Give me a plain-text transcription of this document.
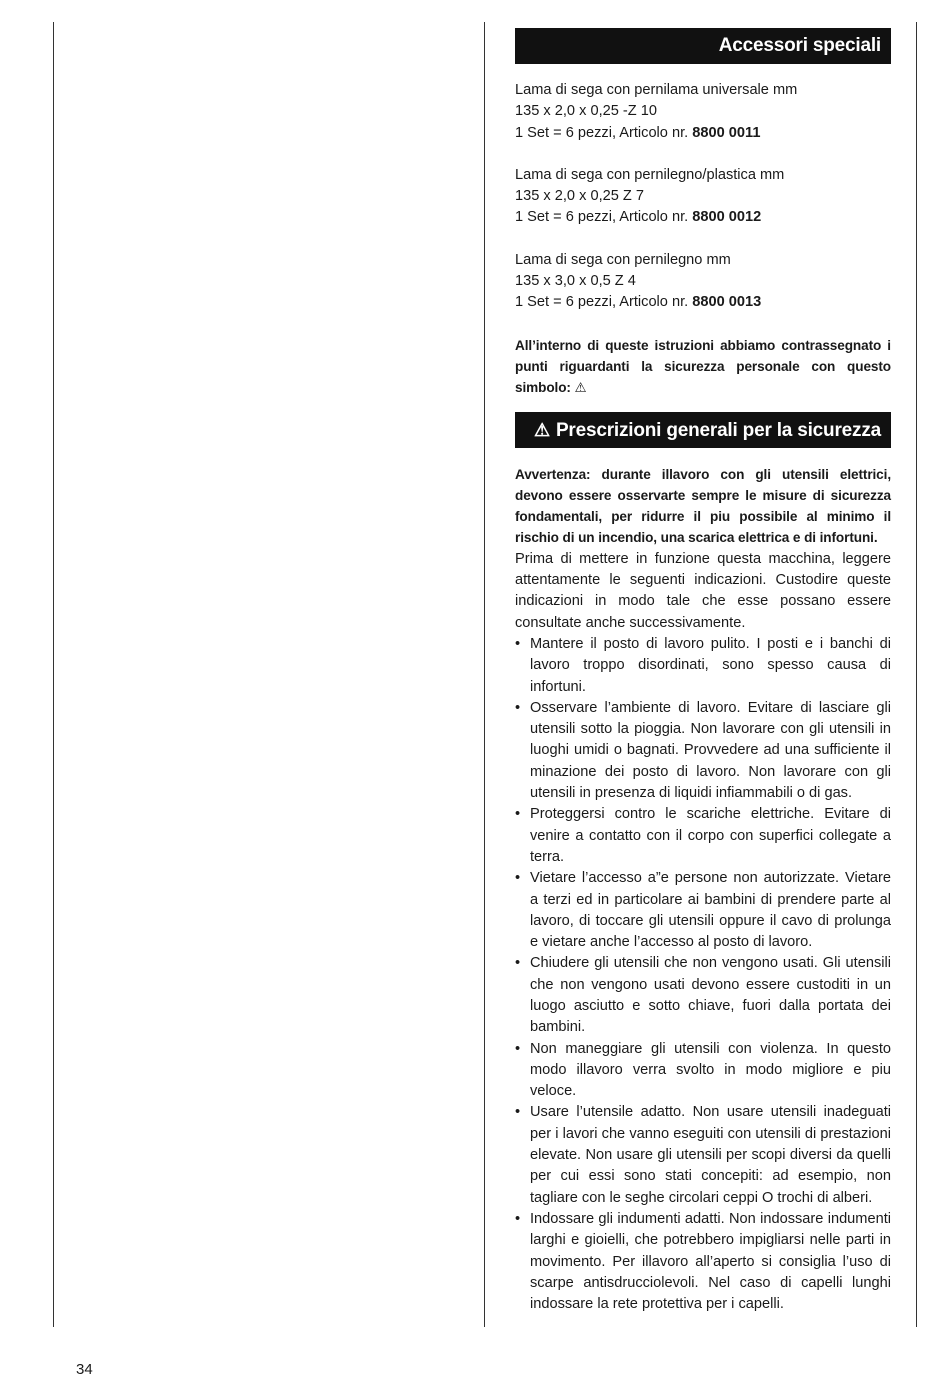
Accessori speciali

Lama di sega con pernilama universale mm

135 x 2,0 x 0,25 -Z 10

1 Set = 6 pezzi, Articolo nr. 8800 0011

Lama di sega con pernilegno/plastica mm

135 x 2,0 x 0,25 Z 7

1 Set = 6 pezzi, Articolo nr. 8800 0012

Lama di sega con pernilegno mm

135 x 3,0 x 0,5 Z 4

1 Set = 6 pezzi, Articolo nr. 8800 0013

All’interno di queste istruzioni abbiamo contrassegnato i punti riguardanti la sicurezza personale con questo simbolo: ⚠

⚠ Prescrizioni generali per la sicurezza

Avvertenza: durante illavoro con gli utensili elettrici, devono essere osservarte sempre le misure di sicurezza fondamentali, per ridurre il piu possibile al minimo il rischio di un incendio, una scarica elettrica e di infortuni.

Prima di mettere in funzione questa macchina, leggere attentamente le seguenti indicazioni. Custodire queste indicazioni in modo tale che esse possano essere consultate anche successivamente.

• Mantere il posto di lavoro pulito. I posti e i banchi di lavoro troppo disordinati, sono spesso causa di infortuni.
• Osservare l’ambiente di lavoro. Evitare di lasciare gli utensili sotto la pioggia. Non lavorare con gli utensili in luoghi umidi o bagnati. Provvedere ad una sufficiente il minazione dei posto di lavoro. Non lavorare con gli utensili in presenza di liquidi infiammabili o di gas.
• Proteggersi contro le scariche elettriche. Evitare di venire a contatto con il corpo con superfici collegate a terra.
• Vietare l’accesso a”e persone non autorizzate. Vietare a terzi ed in particolare ai bambini di prendere parte al lavoro, di toccare gli utensili oppure il cavo di prolunga e vietare anche l’accesso al posto di lavoro.
• Chiudere gli utensili che non vengono usati. Gli utensili che non vengono usati devono essere custoditi in un luogo asciutto e sotto chiave, fuori dalla portata dei bambini.
• Non maneggiare gli utensili con violenza. In questo modo illavoro verra svolto in modo migliore e piu veloce.
• Usare l’utensile adatto. Non usare utensili inadeguati per i lavori che vanno eseguiti con utensili di prestazioni elevate. Non usare gli utensili per scopi diversi da quelli per cui essi sono stati concepiti: ad esempio, non tagliare con le seghe circolari ceppi O trochi di alberi.
• Indossare gli indumenti adatti. Non indossare indumenti larghi e gioielli, che potrebbero impigliarsi nelle parti in movimento. Per illavoro all’aperto si consiglia l’uso di scarpe antisdrucciolevoli. Nel caso di capelli lunghi indossare la rete protettiva per i capelli.
34
